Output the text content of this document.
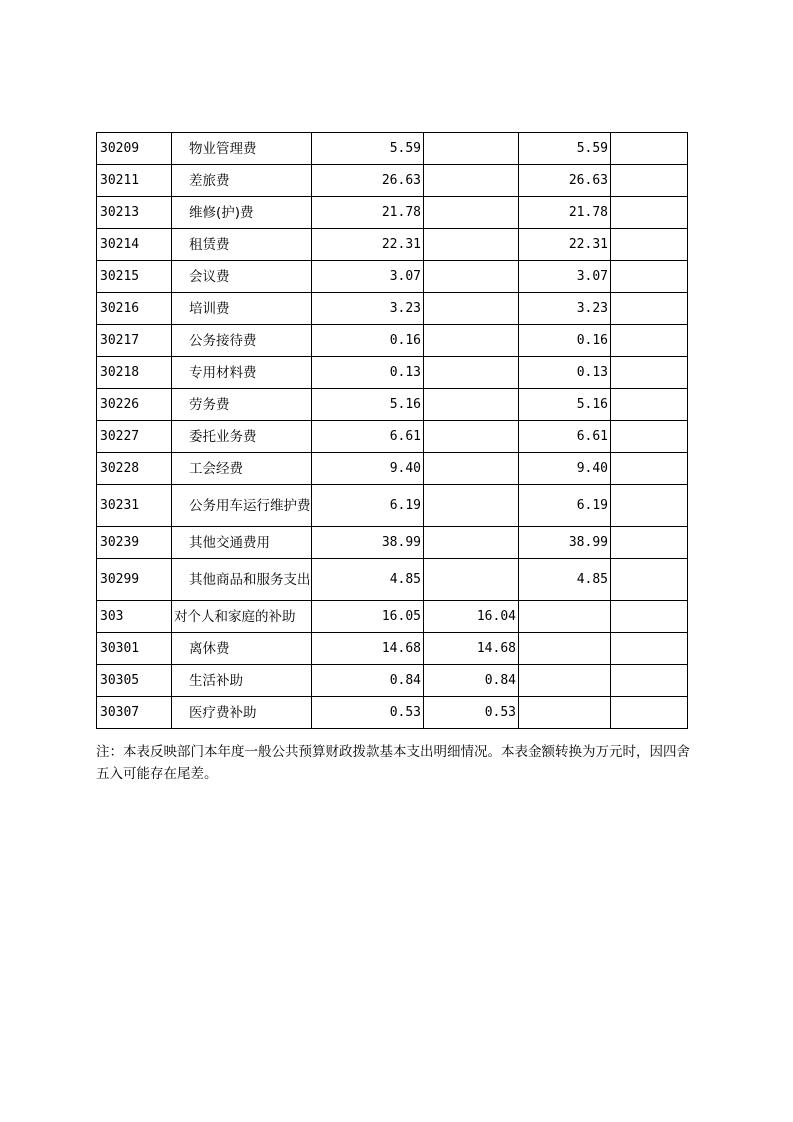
30209	物业管理费	5.59		5.59	
30211	差旅费	26.63		26.63	
30213	维修(护)费	21.78		21.78	
30214	租赁费	22.31		22.31	
30215	会议费	3.07		3.07	
30216	培训费	3.23		3.23	
30217	公务接待费	0.16		0.16	
30218	专用材料费	0.13		0.13	
30226	劳务费	5.16		5.16	
30227	委托业务费	6.61		6.61	
30228	工会经费	9.40		9.40	
30231	公务用车运行维护费	6.19		6.19	
30239	其他交通费用	38.99		38.99	
30299	其他商品和服务支出	4.85		4.85	
303	对个人和家庭的补助	16.05	16.04		
30301	离休费	14.68	14.68		
30305	生活补助	0.84	0.84		
30307	医疗费补助	0.53	0.53		
注：本表反映部门本年度一般公共预算财政拨款基本支出明细情况。本表金额转换为万元时，因四舍五入可能存在尾差。
